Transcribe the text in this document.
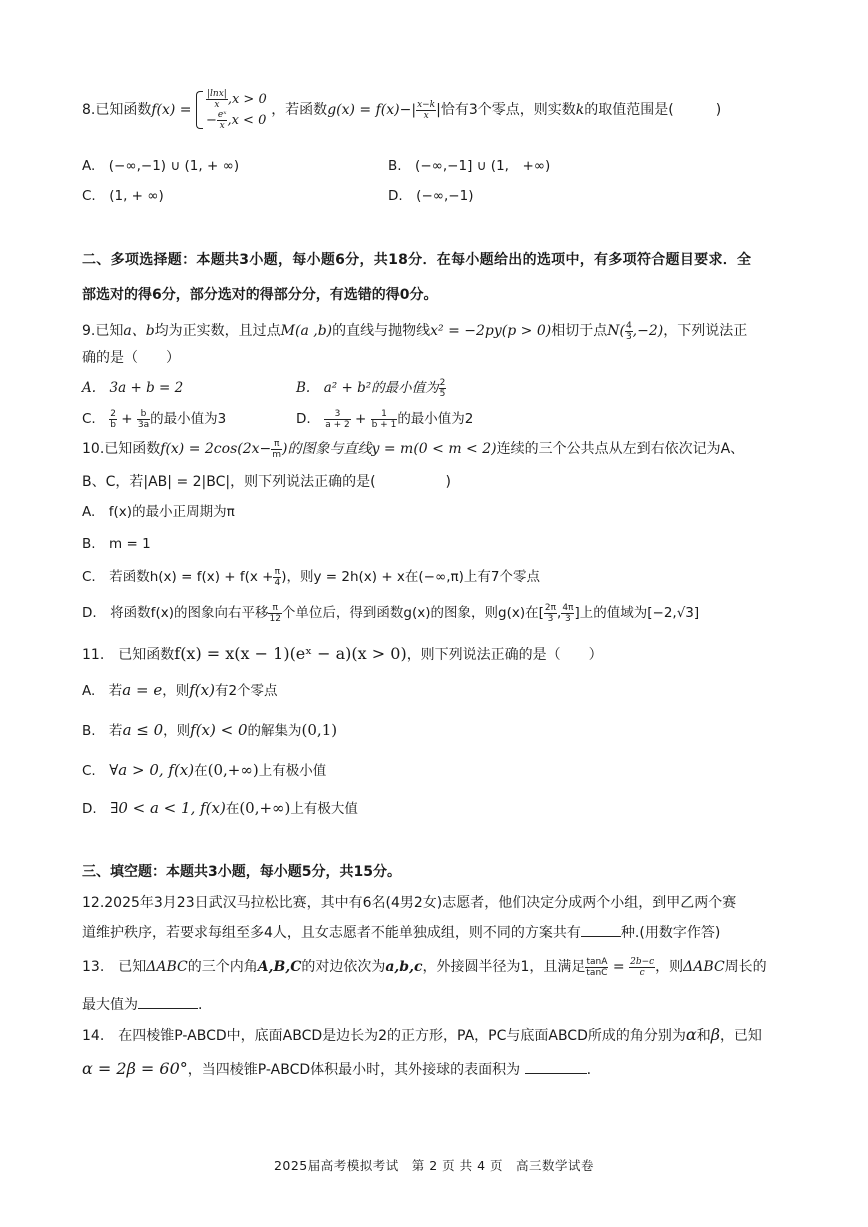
8.已知函数$f(x) = \frac{|\ln x|}{x} ,x > 0$
− $\frac{\text{eˣ}}{x} ,x < 0$
，若函数$g(x) = f(x)-| \frac{x-k}{x}$ |恰有3个零点，则实数k的取值范围是(　　　)
A.　(−∞,−1) ∪ (1, + ∞)	B.　(−∞,−1] ∪ (1,　+∞)
C.　(1, + ∞)	D.　(−∞,−1)
二、多项选择题：本题共3小题，每小题6分，共18分．在每小题给出的选项中，有多项符合题目要求．全
部选对的得6分，部分选对的得部分分，有选错的得0分。
9.已知a、b均为正实数，且过点M(a ,b)的直线与抛物线x² = −2py(p > 0)相切于点$N( \frac{4}{3} ,-2)$，下列说法正
确的是（　　）
A.　3a + b = 2	B.　a² + b²的最小值为 $\frac{2}{5}$
C.　 $\frac{2}{b} + \frac{b}{3a}$ 的最小值为3	D.　 $\frac{3}{a + 2} + \frac{1}{b + 1}$ 的最小值为2
10.已知函数$f(x) = 2\cos(2x- \frac{\pi}{m}$ )的图象与直线y = m(0 < m < 2)连续的三个公共点从左到右依次记为A、
B、C，若|AB| = 2|BC|，则下列说法正确的是(　　　　　)
A.　f(x)的最小正周期为π
B.　m = 1
C.　若函数$h(x) = f(x) + f(x + \frac{\pi}{4}$ )，则y = 2h(x) + x在(−∞,π)上有7个零点
D.　将函数f(x)的图象向右平移 $\frac{\pi}{12}$ 个单位后，得到函数g(x)的图象，则g(x)在[ $\frac{2\pi}{3}$ , $\frac{4\pi}{3}$ ]上的值域为[−2,√3]
11.　已知函数f(x) = x(x − 1)(eˣ − a)(x > 0)，则下列说法正确的是（　　）
A.　若a = e，则f(x)有2个零点
B.　若a ≤ 0，则f(x) < 0的解集为(0,1)
C.　∀a > 0, f(x)在(0,+∞)上有极小值
D.　∃0 < a < 1, f(x)在(0,+∞)上有极大值
三、填空题：本题共3小题，每小题5分，共15分。
12.2025年3月23日武汉马拉松比赛，其中有6名(4男2女)志愿者，他们决定分成两个小组，到甲乙两个赛
道维护秩序，若要求每组至多4人，且女志愿者不能单独成组，则不同的方案共有	种.(用数字作答)
13.　已知ΔABC的三个内角A,B,C的对边依次为a,b,c，外接圆半径为1，且满足 $\frac{\tan A}{\tan C} = \frac{2b-c}{c}$ ，则ΔABC周长的
最大值为	.
14.　在四棱锥P-ABCD中，底面ABCD是边长为2的正方形，PA，PC与底面ABCD所成的角分别为α和β，已知
α = 2β = 60°，当四棱锥P-ABCD体积最小时，其外接球的表面积为	.
2025届高考模拟考试　第 2 页 共 4 页　高三数学试卷
